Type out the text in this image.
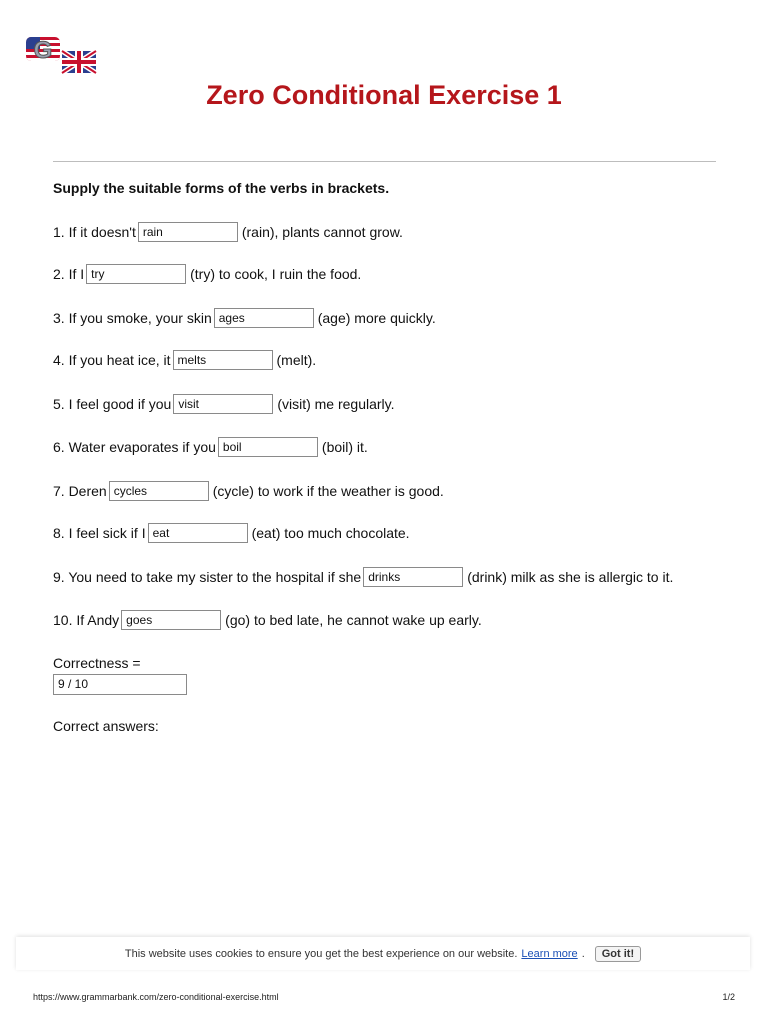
G
Zero Conditional Exercise 1
Supply the suitable forms of the verbs in brackets.
1. If it doesn't rain	(rain), plants cannot grow.
2. If I try	(try) to cook, I ruin the food.
3. If you smoke, your skin ages	(age) more quickly.
4. If you heat ice, it melts	(melt).
5. I feel good if you visit	(visit) me regularly.
6. Water evaporates if you boil	(boil) it.
7. Deren cycles	(cycle) to work if the weather is good.
8. I feel sick if I eat	(eat) too much chocolate.
9. You need to take my sister to the hospital if she drinks	(drink) milk as she is allergic to it.
10. If Andy goes	(go) to bed late, he cannot wake up early.
Correctness =
9 / 10
Correct answers:
This website uses cookies to ensure you get the best experience on our website. Learn more .	Got it!
https://www.grammarbank.com/zero-conditional-exercise.html	1/2
